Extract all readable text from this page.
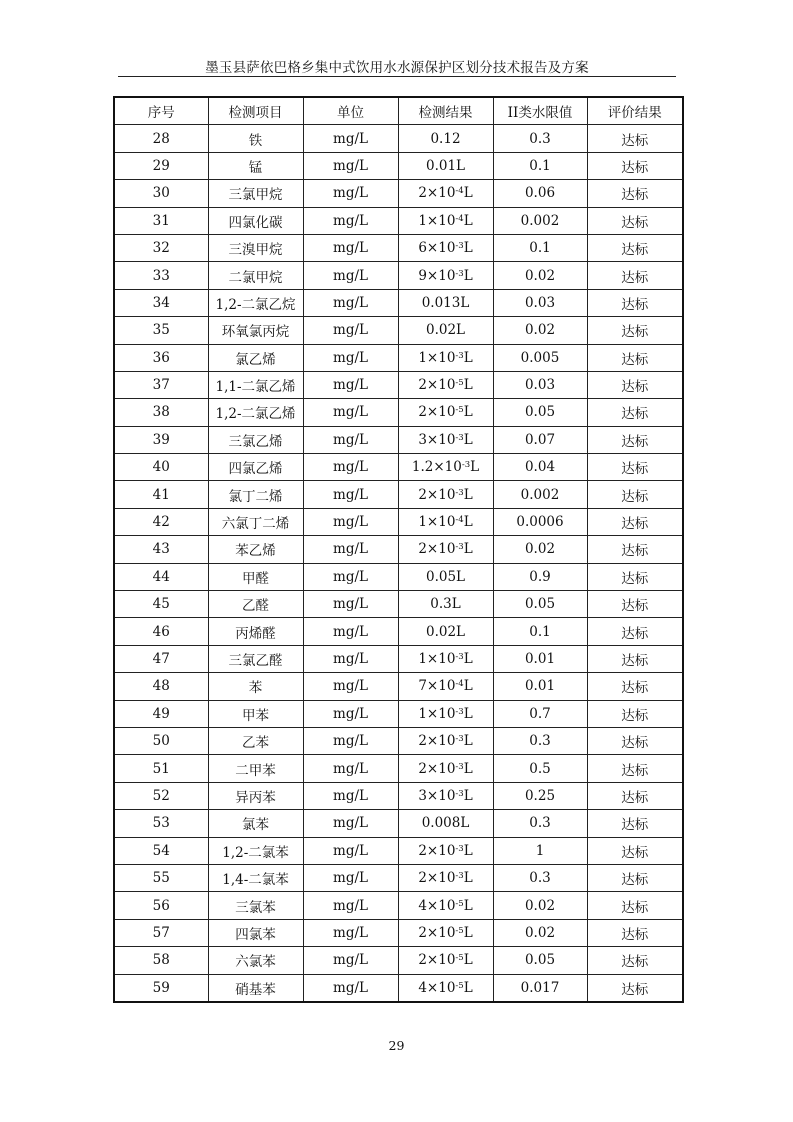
墨玉县萨依巴格乡集中式饮用水水源保护区划分技术报告及方案
序号	检测项目	单位	检测结果	II类水限值	评价结果
28	铁	mg/L	0.12	0.3	达标
29	锰	mg/L	0.01L	0.1	达标
30	三氯甲烷	mg/L	$2\times 10^{-4}L$	0.06	达标
31	四氯化碳	mg/L	$1\times 10^{-4}L$	0.002	达标
32	三溴甲烷	mg/L	$6\times 10^{-3}L$	0.1	达标
33	二氯甲烷	mg/L	$9\times 10^{-3}L$	0.02	达标
34	1,2-二氯乙烷	mg/L	0.013L	0.03	达标
35	环氧氯丙烷	mg/L	0.02L	0.02	达标
36	氯乙烯	mg/L	$1\times 10^{-3}L$	0.005	达标
37	1,1-二氯乙烯	mg/L	$2\times 10^{-5}L$	0.03	达标
38	1,2-二氯乙烯	mg/L	$2\times 10^{-5}L$	0.05	达标
39	三氯乙烯	mg/L	$3\times 10^{-3}L$	0.07	达标
40	四氯乙烯	mg/L	$1.2\times 10^{-3}L$	0.04	达标
41	氯丁二烯	mg/L	$2\times 10^{-3}L$	0.002	达标
42	六氯丁二烯	mg/L	$1\times 10^{-4}L$	0.0006	达标
43	苯乙烯	mg/L	$2\times 10^{-3}L$	0.02	达标
44	甲醛	mg/L	0.05L	0.9	达标
45	乙醛	mg/L	0.3L	0.05	达标
46	丙烯醛	mg/L	0.02L	0.1	达标
47	三氯乙醛	mg/L	$1\times 10^{-3}L$	0.01	达标
48	苯	mg/L	$7\times 10^{-4}L$	0.01	达标
49	甲苯	mg/L	$1\times 10^{-3}L$	0.7	达标
50	乙苯	mg/L	$2\times 10^{-3}L$	0.3	达标
51	二甲苯	mg/L	$2\times 10^{-3}L$	0.5	达标
52	异丙苯	mg/L	$3\times 10^{-3}L$	0.25	达标
53	氯苯	mg/L	0.008L	0.3	达标
54	1,2-二氯苯	mg/L	$2\times 10^{-3}L$	1	达标
55	1,4-二氯苯	mg/L	$2\times 10^{-3}L$	0.3	达标
56	三氯苯	mg/L	$4\times 10^{-5}L$	0.02	达标
57	四氯苯	mg/L	$2\times 10^{-5}L$	0.02	达标
58	六氯苯	mg/L	$2\times 10^{-5}L$	0.05	达标
59	硝基苯	mg/L	$4\times 10^{-5}L$	0.017	达标
29
